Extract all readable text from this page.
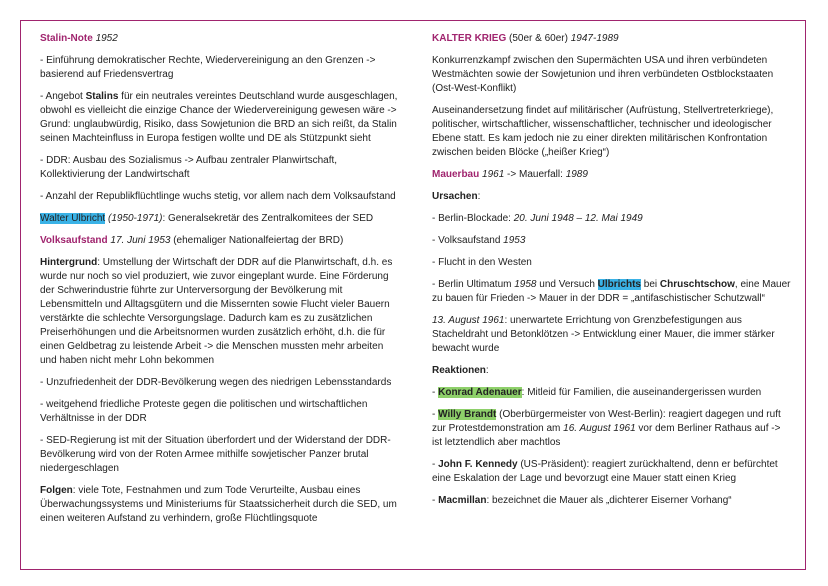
Stalin-Note 1952

- Einführung demokratischer Rechte, Wiedervereinigung an den Grenzen -> basierend auf Friedensvertrag

- Angebot Stalins für ein neutrales vereintes Deutschland wurde ausgeschlagen, obwohl es vielleicht die einzige Chance der Wiedervereinigung gewesen wäre -> Grund: unglaubwürdig, Risiko, dass Sowjetunion die BRD an sich reißt, da Stalin seinen Machteinfluss in Europa festigen wollte und DE als Stützpunkt sieht

- DDR: Ausbau des Sozialismus -> Aufbau zentraler Planwirtschaft, Kollektivierung der Landwirtschaft

- Anzahl der Republikflüchtlinge wuchs stetig, vor allem nach dem Volksaufstand

Walter Ulbricht (1950-1971): Generalsekretär des Zentralkomitees der SED

Volksaufstand 17. Juni 1953 (ehemaliger Nationalfeiertag der BRD)

Hintergrund: Umstellung der Wirtschaft der DDR auf die Planwirtschaft, d.h. es wurde nur noch so viel produziert, wie zuvor eingeplant wurde. Eine Förderung der Schwerindustrie führte zur Unterversorgung der Bevölkerung mit Lebensmitteln und Alltagsgütern und die Missernten sowie Flucht vieler Bauern verstärkte die schlechte Versorgungslage. Dadurch kam es zu zusätzlichen Preiserhöhungen und die Arbeitsnormen wurden zusätzlich erhöht, d.h. die für einen Geldbetrag zu leistende Arbeit -> die Menschen mussten mehr arbeiten und haben nicht mehr Lohn bekommen

- Unzufriedenheit der DDR-Bevölkerung wegen des niedrigen Lebensstandards

- weitgehend friedliche Proteste gegen die politischen und wirtschaftlichen Verhältnisse in der DDR

- SED-Regierung ist mit der Situation überfordert und der Widerstand der DDR-Bevölkerung wird von der Roten Armee mithilfe sowjetischer Panzer brutal niedergeschlagen

Folgen: viele Tote, Festnahmen und zum Tode Verurteilte, Ausbau eines Überwachungssystems und Ministeriums für Staatssicherheit durch die SED, um einen weiteren Aufstand zu verhindern, große Flüchtlingsquote

KALTER KRIEG (50er & 60er) 1947-1989

Konkurrenzkampf zwischen den Supermächten USA und ihren verbündeten Westmächten sowie der Sowjetunion und ihren verbündeten Ostblockstaaten (Ost-West-Konflikt)

Auseinandersetzung findet auf militärischer (Aufrüstung, Stellvertreterkriege), politischer, wirtschaftlicher, wissenschaftlicher, technischer und ideologischer Ebene statt. Es kam jedoch nie zu einer direkten militärischen Konfrontation zwischen beiden Blöcke („heißer Krieg“)

Mauerbau 1961 -> Mauerfall: 1989

Ursachen:

- Berlin-Blockade: 20. Juni 1948 – 12. Mai 1949

- Volksaufstand 1953

- Flucht in den Westen

- Berlin Ultimatum 1958 und Versuch Ulbrichts bei Chruschtschow, eine Mauer zu bauen für Frieden -> Mauer in der DDR = „antifaschistischer Schutzwall“

13. August 1961: unerwartete Errichtung von Grenzbefestigungen aus Stacheldraht und Betonklötzen -> Entwicklung einer Mauer, die immer stärker bewacht wurde

Reaktionen:

- Konrad Adenauer: Mitleid für Familien, die auseinandergerissen wurden

- Willy Brandt (Oberbürgermeister von West-Berlin): reagiert dagegen und ruft zur Protestdemonstration am 16. August 1961 vor dem Berliner Rathaus auf -> ist letztendlich aber machtlos

- John F. Kennedy (US-Präsident): reagiert zurückhaltend, denn er befürchtet eine Eskalation der Lage und bevorzugt eine Mauer statt einen Krieg

- Macmillan: bezeichnet die Mauer als „dichterer Eiserner Vorhang“
